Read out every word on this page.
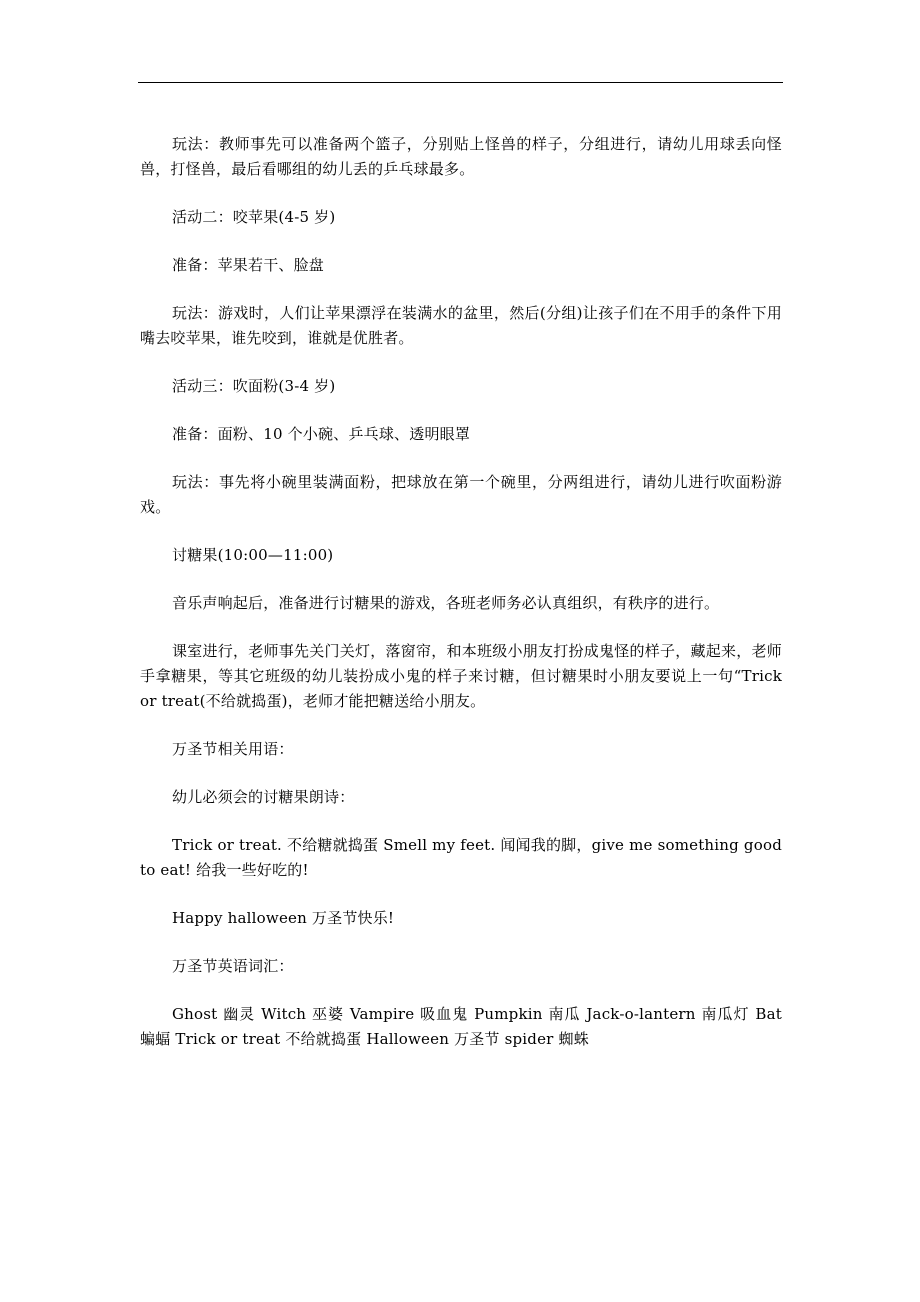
玩法：教师事先可以准备两个篮子，分别贴上怪兽的样子，分组进行，请幼儿用球丢向怪兽，打怪兽，最后看哪组的幼儿丢的乒乓球最多。

活动二：咬苹果(4-5 岁)

准备：苹果若干、脸盘

玩法：游戏时，人们让苹果漂浮在装满水的盆里，然后(分组)让孩子们在不用手的条件下用嘴去咬苹果，谁先咬到，谁就是优胜者。

活动三：吹面粉(3-4 岁)

准备：面粉、10 个小碗、乒乓球、透明眼罩

玩法：事先将小碗里装满面粉，把球放在第一个碗里，分两组进行，请幼儿进行吹面粉游戏。

讨糖果(10:00—11:00)

音乐声响起后，准备进行讨糖果的游戏，各班老师务必认真组织，有秩序的进行。

课室进行，老师事先关门关灯，落窗帘，和本班级小朋友打扮成鬼怪的样子，藏起来，老师手拿糖果，等其它班级的幼儿装扮成小鬼的样子来讨糖，但讨糖果时小朋友要说上一句“Trick or treat(不给就捣蛋)，老师才能把糖送给小朋友。

万圣节相关用语：

幼儿必须会的讨糖果朗诗：

Trick or treat. 不给糖就捣蛋 Smell my feet. 闻闻我的脚，give me something good to eat! 给我一些好吃的!

Happy halloween 万圣节快乐!

万圣节英语词汇：

Ghost 幽灵 Witch 巫婆 Vampire 吸血鬼 Pumpkin 南瓜 Jack-o-lantern 南瓜灯 Bat 蝙蝠 Trick or treat 不给就捣蛋 Halloween 万圣节 spider 蜘蛛
